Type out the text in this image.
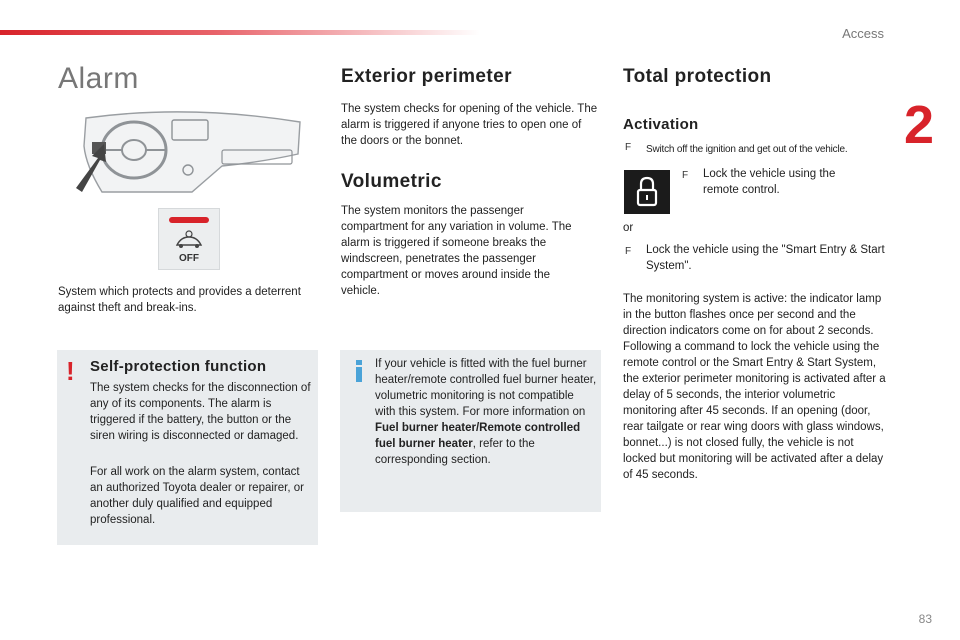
Access
2
Alarm
OFF

System which protects and provides a deterrent against theft and break-ins.

! Self-protection function

The system checks for the disconnection of any of its components. The alarm is triggered if the battery, the button or the siren wiring is disconnected or damaged.

For all work on the alarm system, contact an authorized Toyota dealer or repairer, or another duly qualified and equipped professional.

Exterior perimeter

The system checks for opening of the vehicle. The alarm is triggered if anyone tries to open one of the doors or the bonnet.

Volumetric

The system monitors the passenger compartment for any variation in volume. The alarm is triggered if someone breaks the windscreen, penetrates the passenger compartment or moves around inside the vehicle.

If your vehicle is fitted with the fuel burner heater/remote controlled fuel burner heater, volumetric monitoring is not compatible with this system. For more information on Fuel burner heater/Remote controlled fuel burner heater, refer to the corresponding section.

Total protection
Activation
F Switch off the ignition and get out of the vehicle.

F Lock the vehicle using the remote control.

or

F Lock the vehicle using the "Smart Entry & Start System".

The monitoring system is active: the indicator lamp in the button flashes once per second and the direction indicators come on for about 2 seconds. Following a command to lock the vehicle using the remote control or the Smart Entry & Start System, the exterior perimeter monitoring is activated after a delay of 5 seconds, the interior volumetric monitoring after 45 seconds. If an opening (door, rear tailgate or rear wing doors with glass windows, bonnet...) is not closed fully, the vehicle is not locked but monitoring will be activated after a delay of 45 seconds.

83
